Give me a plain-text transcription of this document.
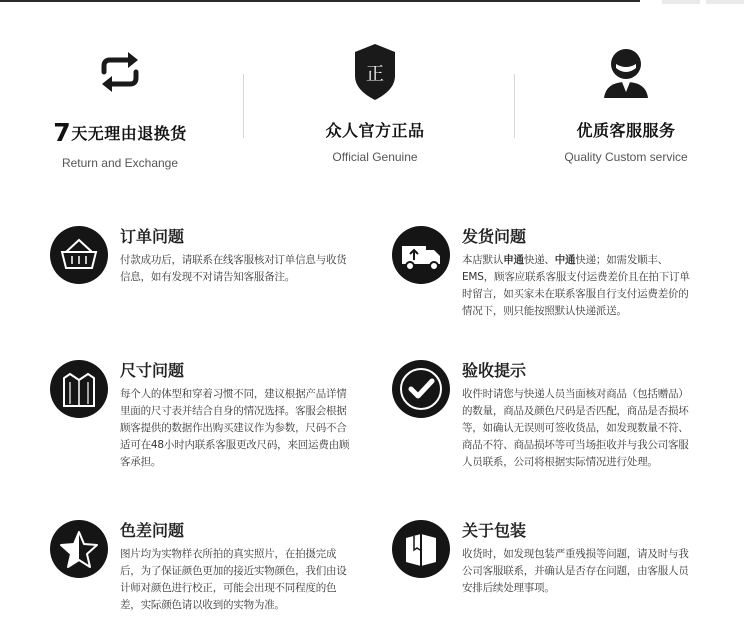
7天无理由退换货
Return and Exchange
正
众人官方正品
Official Genuine
优质客服服务
Quality Custom service
订单问题
付款成功后，请联系在线客服核对订单信息与收货信息，如有发现不对请告知客服备注。
发货问题
本店默认申通快递、中通快递；如需发顺丰、EMS，顾客应联系客服支付运费差价且在拍下订单时留言，如买家未在联系客服自行支付运费差价的情况下，则只能按照默认快递派送。
尺寸问题
每个人的体型和穿着习惯不同，建议根据产品详情里面的尺寸表并结合自身的情况选择。客服会根据顾客提供的数据作出购买建议作为参数，尺码不合适可在48小时内联系客服更改尺码，来回运费由顾客承担。
验收提示
收件时请您与快递人员当面核对商品（包括赠品）的数量，商品及颜色尺码是否匹配，商品是否损坏等，如确认无误则可签收货品，如发现数量不符、商品不符、商品损坏等可当场拒收并与我公司客服人员联系，公司将根据实际情况进行处理。
色差问题
图片均为实物样衣所拍的真实照片，在拍摄完成后，为了保证颜色更加的接近实物颜色，我们由设计师对颜色进行校正，可能会出现不同程度的色差，实际颜色请以收到的实物为准。
关于包装
收货时，如发现包装严重残损等问题，请及时与我公司客服联系，并确认是否存在问题，由客服人员安排后续处理事项。
